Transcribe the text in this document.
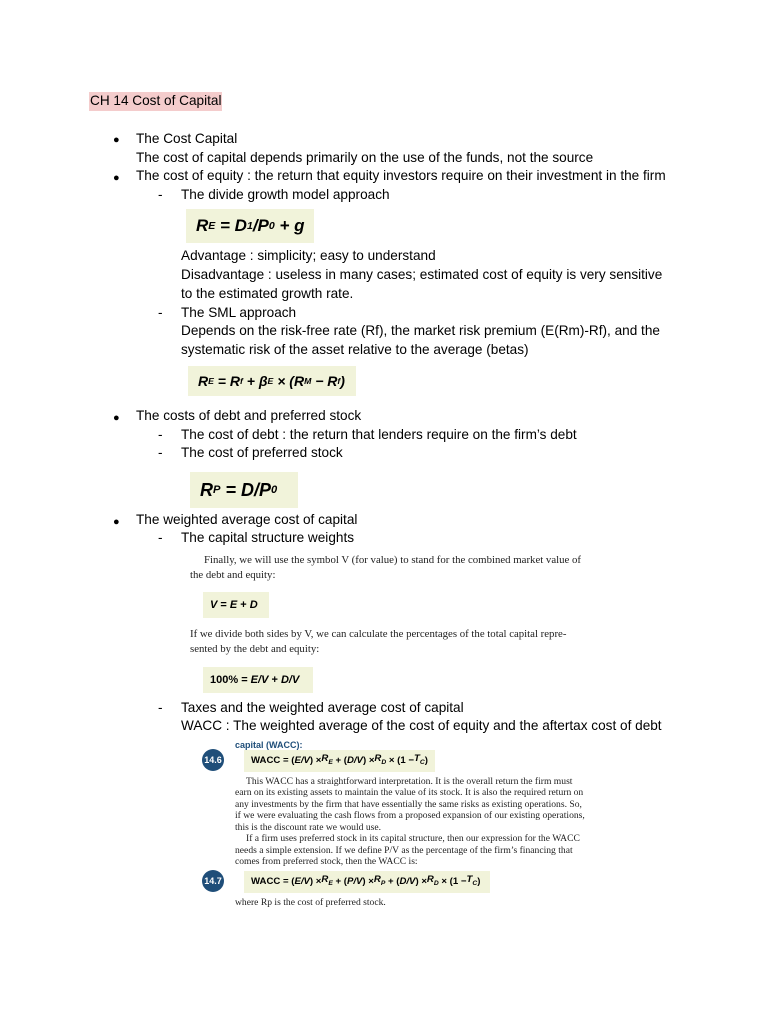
CH 14 Cost of Capital
● The Cost Capital
The cost of capital depends primarily on the use of the funds, not the source
● The cost of equity : the return that equity investors require on their investment in the firm
- The divide growth model approach
R E = D 1 /P 0 + g
Advantage : simplicity; easy to understand
Disadvantage : useless in many cases; estimated cost of equity is very sensitive
to the estimated growth rate.
- The SML approach
Depends on the risk-free rate (Rf), the market risk premium (E(Rm)-Rf), and the
systematic risk of the asset relative to the average (betas)
R E = R f + β E × (R M − R f )
● The costs of debt and preferred stock
- The cost of debt : the return that lenders require on the firm’s debt
- The cost of preferred stock
R P = D/P 0
● The weighted average cost of capital
- The capital structure weights
Finally, we will use the symbol V (for value) to stand for the combined market value of
the debt and equity:
V = E + D
If we divide both sides by V, we can calculate the percentages of the total capital repre-
sented by the debt and equity:
100% = E/V + D/V
- Taxes and the weighted average cost of capital
WACC : The weighted average of the cost of equity and the aftertax cost of debt
capital (WACC):
14.6	WACC = ( E/V ) × $R_E$ + ( D/V ) × $R_D \times (1 - T_C$ )
This WACC has a straightforward interpretation. It is the overall return the firm must
earn on its existing assets to maintain the value of its stock. It is also the required return on
any investments by the firm that have essentially the same risks as existing operations. So,
if we were evaluating the cash flows from a proposed expansion of our existing operations,
this is the discount rate we would use.
If a firm uses preferred stock in its capital structure, then our expression for the WACC
needs a simple extension. If we define P/V as the percentage of the firm’s financing that
comes from preferred stock, then the WACC is:
14.7	WACC = ( E/V ) × $R_E$ + ( P/V ) × $R_P$ + ( D/V ) × $R_D \times (1 - T_C$ )
where Rp is the cost of preferred stock.
